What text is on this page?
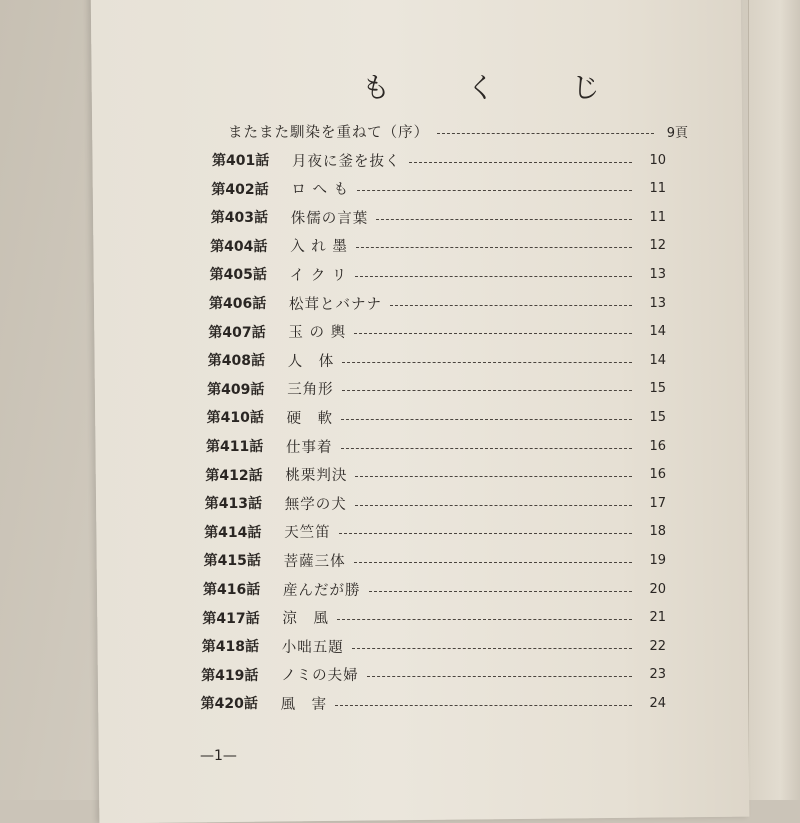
も く じ
またまた馴染を重ねて（序）	9頁
第401話	月夜に釜を抜く	10
第402話	ロ へ も	11
第403話	侏儒の言葉	11
第404話	入 れ 墨	12
第405話	イ ク リ	13
第406話	松茸とバナナ	13
第407話	玉 の 輿	14
第408話	人　体	14
第409話	三角形	15
第410話	硬　軟	15
第411話	仕事着	16
第412話	桃栗判決	16
第413話	無学の犬	17
第414話	天竺笛	18
第415話	菩薩三体	19
第416話	産んだが勝	20
第417話	涼　風	21
第418話	小咄五題	22
第419話	ノミの夫婦	23
第420話	風　害	24
—1—
